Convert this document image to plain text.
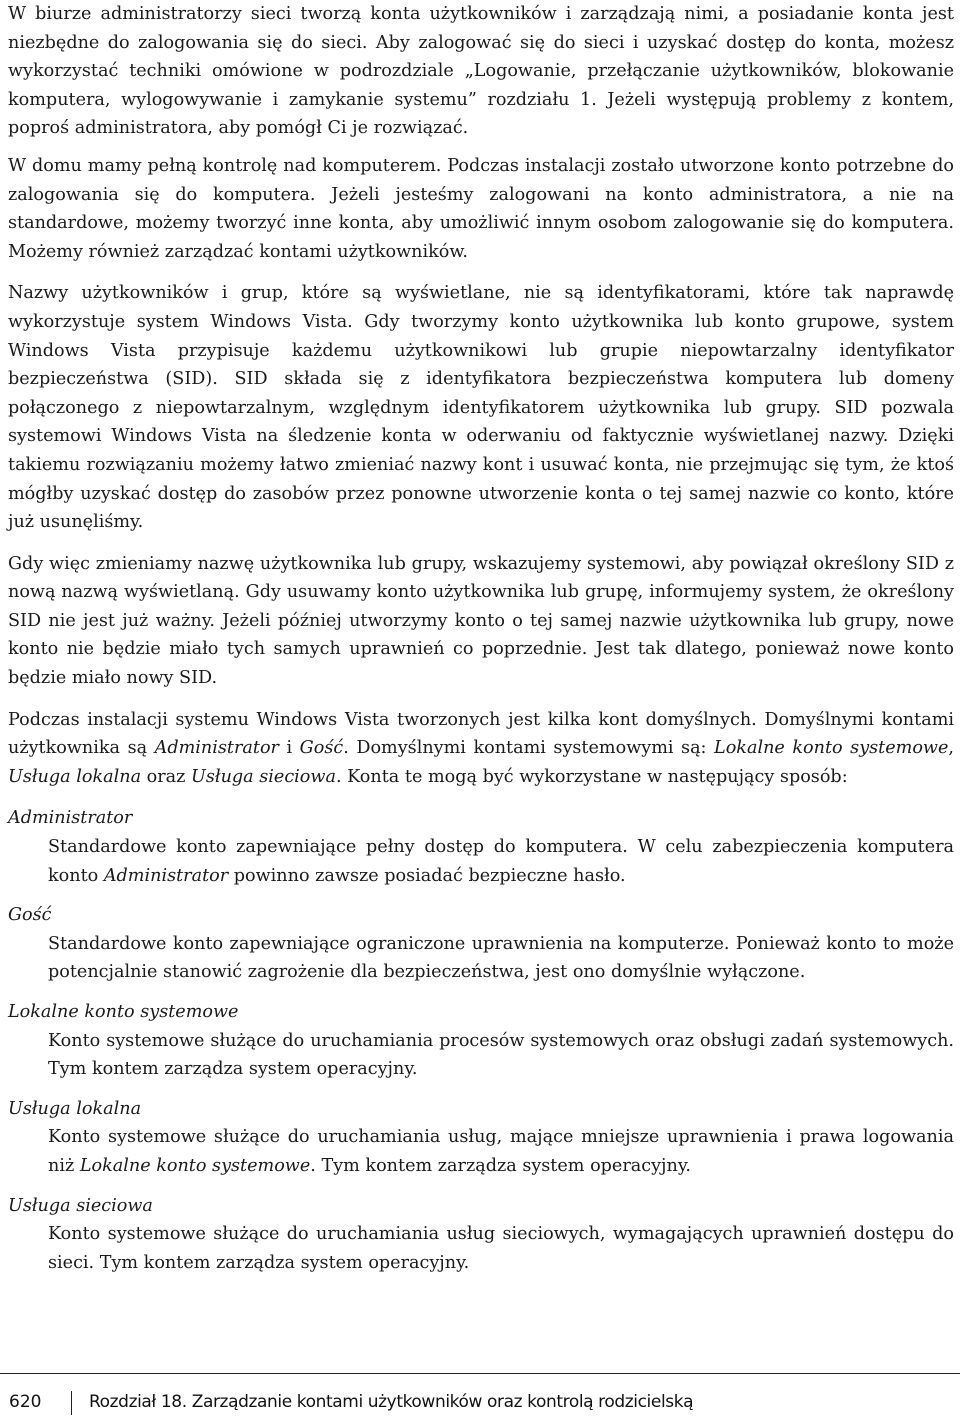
W biurze administratorzy sieci tworzą konta użytkowników i zarządzają nimi, a posiadanie konta jest niezbędne do zalogowania się do sieci. Aby zalogować się do sieci i uzyskać dostęp do konta, możesz wykorzystać techniki omówione w podrozdziale „Logowanie, przełączanie użytkowników, blokowanie komputera, wylogowywanie i zamykanie systemu” rozdziału 1. Jeżeli występują problemy z kontem, poproś administratora, aby pomógł Ci je rozwiązać.

W domu mamy pełną kontrolę nad komputerem. Podczas instalacji zostało utworzone konto potrzebne do zalogowania się do komputera. Jeżeli jesteśmy zalogowani na konto administratora, a nie na standardowe, możemy tworzyć inne konta, aby umożliwić innym osobom zalogowanie się do komputera. Możemy również zarządzać kontami użytkowników.

Nazwy użytkowników i grup, które są wyświetlane, nie są identyfikatorami, które tak naprawdę wykorzystuje system Windows Vista. Gdy tworzymy konto użytkownika lub konto grupowe, system Windows Vista przypisuje każdemu użytkownikowi lub grupie niepowtarzalny identyfikator bezpieczeństwa (SID). SID składa się z identyfikatora bezpieczeństwa komputera lub domeny połączonego z niepowtarzalnym, względnym identyfikatorem użytkownika lub grupy. SID pozwala systemowi Windows Vista na śledzenie konta w oderwaniu od faktycznie wyświetlanej nazwy. Dzięki takiemu rozwiązaniu możemy łatwo zmieniać nazwy kont i usuwać konta, nie przejmując się tym, że ktoś mógłby uzyskać dostęp do zasobów przez ponowne utworzenie konta o tej samej nazwie co konto, które już usunęliśmy.

Gdy więc zmieniamy nazwę użytkownika lub grupy, wskazujemy systemowi, aby powiązał określony SID z nową nazwą wyświetlaną. Gdy usuwamy konto użytkownika lub grupę, informujemy system, że określony SID nie jest już ważny. Jeżeli później utworzymy konto o tej samej nazwie użytkownika lub grupy, nowe konto nie będzie miało tych samych uprawnień co poprzednie. Jest tak dlatego, ponieważ nowe konto będzie miało nowy SID.

Podczas instalacji systemu Windows Vista tworzonych jest kilka kont domyślnych. Domyślnymi kontami użytkownika są Administrator i Gość. Domyślnymi kontami systemowymi są: Lokalne konto systemowe, Usługa lokalna oraz Usługa sieciowa. Konta te mogą być wykorzystane w następujący sposób:

Administrator
Standardowe konto zapewniające pełny dostęp do komputera. W celu zabezpieczenia komputera konto Administrator powinno zawsze posiadać bezpieczne hasło.
Gość
Standardowe konto zapewniające ograniczone uprawnienia na komputerze. Ponieważ konto to może potencjalnie stanowić zagrożenie dla bezpieczeństwa, jest ono domyślnie wyłączone.
Lokalne konto systemowe
Konto systemowe służące do uruchamiania procesów systemowych oraz obsługi zadań systemowych. Tym kontem zarządza system operacyjny.
Usługa lokalna
Konto systemowe służące do uruchamiania usług, mające mniejsze uprawnienia i prawa logowania niż Lokalne konto systemowe. Tym kontem zarządza system operacyjny.
Usługa sieciowa
Konto systemowe służące do uruchamiania usług sieciowych, wymagających uprawnień dostępu do sieci. Tym kontem zarządza system operacyjny.
620	Rozdział 18. Zarządzanie kontami użytkowników oraz kontrolą rodzicielską
